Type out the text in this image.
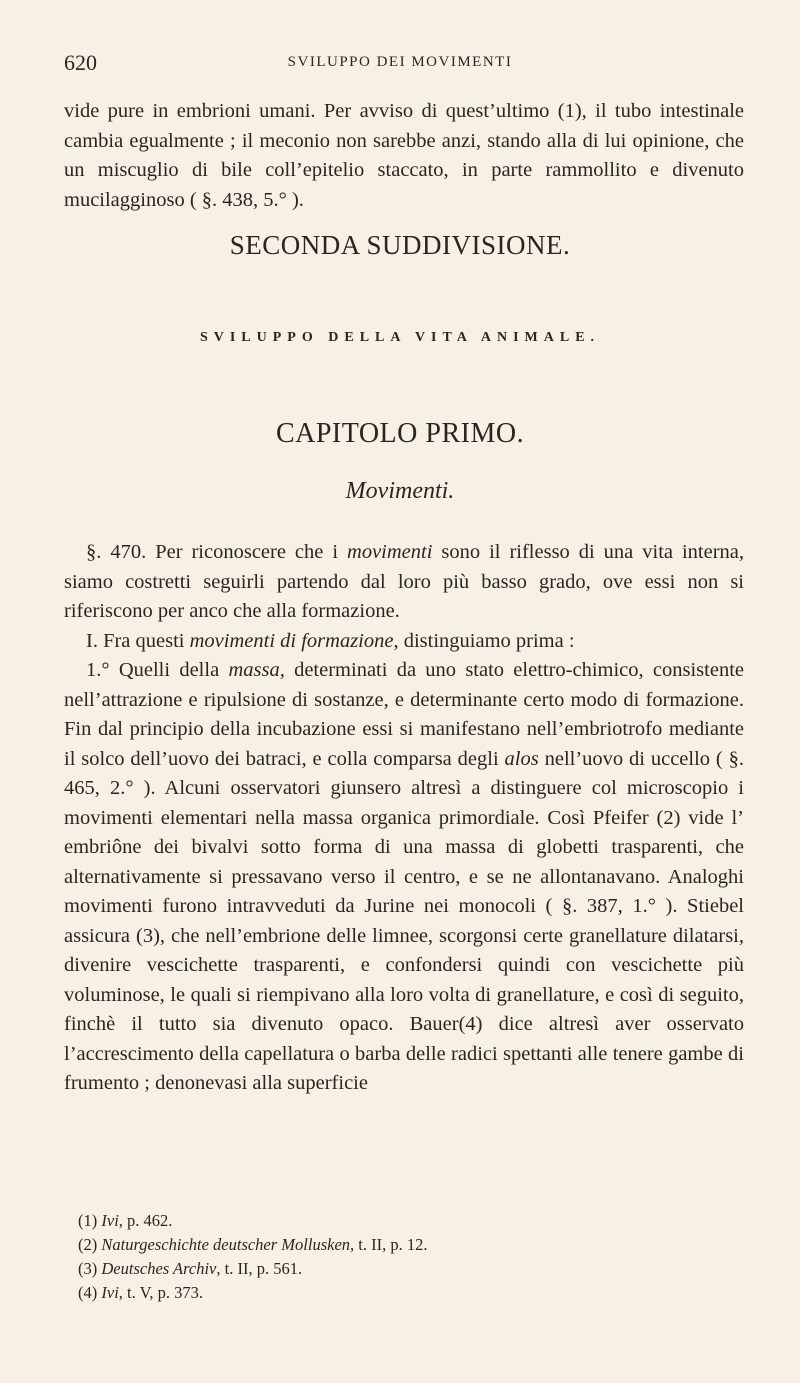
620	SVILUPPO DEI MOVIMENTI

vide pure in embrioni umani. Per avviso di quest’ultimo (1), il tubo intestinale cambia egualmente ; il meconio non sarebbe anzi, stando alla di lui opinione, che un miscuglio di bile coll’epitelio staccato, in parte rammollito e divenuto mucilagginoso ( §. 438, 5.° ).

SECONDA SUDDIVISIONE.
SVILUPPO DELLA VITA ANIMALE.
CAPITOLO PRIMO.
Movimenti.

§. 470. Per riconoscere che i movimenti sono il riflesso di una vita interna, siamo costretti seguirli partendo dal loro più basso grado, ove essi non si riferiscono per anco che alla formazione.

I. Fra questi movimenti di formazione, distinguiamo prima :

1.° Quelli della massa, determinati da uno stato elettro-chimico, consistente nell’attrazione e ripulsione di sostanze, e determinante certo modo di formazione. Fin dal principio della incubazione essi si manifestano nell’embriotrofo mediante il solco dell’uovo dei batraci, e colla comparsa degli alos nell’uovo di uccello ( §. 465, 2.° ). Alcuni osservatori giunsero altresì a distinguere col microscopio i movimenti elementari nella massa organica primordiale. Così Pfeifer (2) vide l’ embriône dei bivalvi sotto forma di una massa di globetti trasparenti, che alternativamente si pressavano verso il centro, e se ne allontanavano. Analoghi movimenti furono intravveduti da Jurine nei monocoli ( §. 387, 1.° ). Stiebel assicura (3), che nell’embrione delle limnee, scorgonsi certe granellature dilatarsi, divenire vescichette trasparenti, e confondersi quindi con vescichette più voluminose, le quali si riempivano alla loro volta di granellature, e così di seguito, finchè il tutto sia divenuto opaco. Bauer(4) dice altresì aver osservato l’accrescimento della capellatura o barba delle radici spettanti alle tenere gambe di frumento ; denonevasi alla superficie

(1) Ivi, p. 462.
(2) Naturgeschichte deutscher Mollusken, t. II, p. 12.
(3) Deutsches Archiv, t. II, p. 561.
(4) Ivi, t. V, p. 373.
